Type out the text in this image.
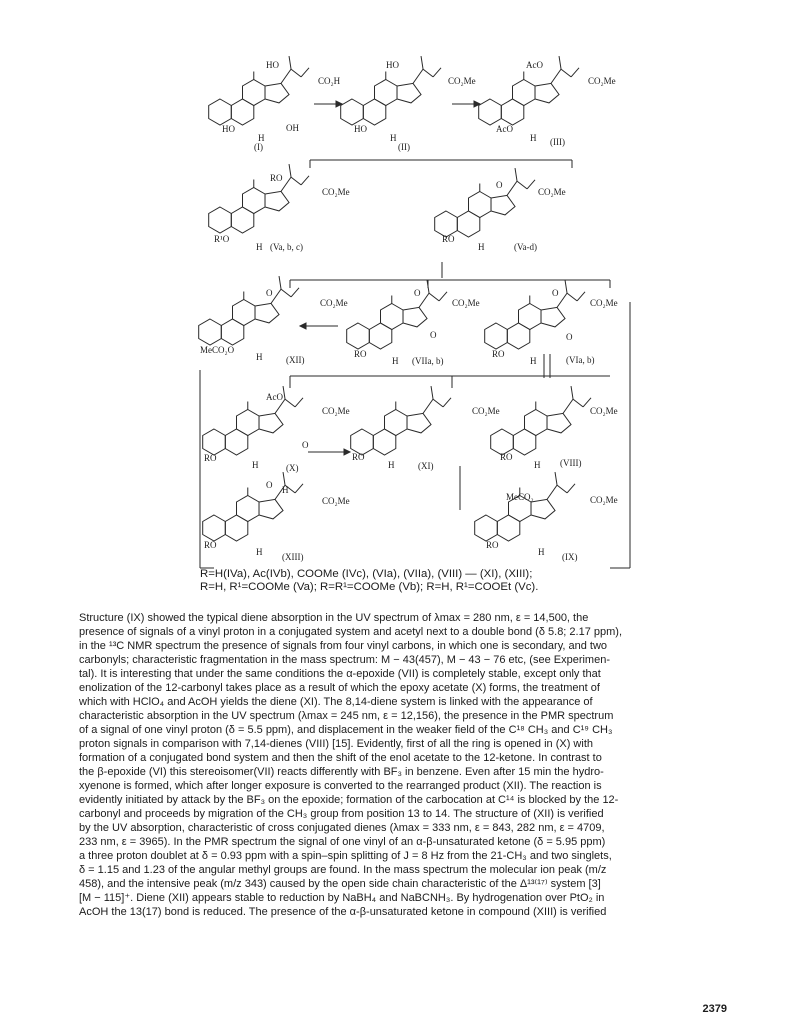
HO
CO₂H
HO	OH
H
(I)
HO
CO₂Me
HO
H
(II)
AcO
CO₂Me
AcO
H (III)
RO
CO₂Me
R¹O
H (Va, b, c)
O
CO₂Me
RO
H	(Va-d)
O
CO₂Me
MeCO₂O
H	(XII)
O
CO₂Me
RO
H
O
(VIIa, b)
O
CO₂Me
RO
H
O
(VIa, b)
AcO
CO₂Me
RO
H
O
(X)
CO₂Me
RO
H	(XI)
CO₂Me
RO
H (VIII)
O H
CO₂Me
RO
H (XIII)
MeCO₂	CO₂Me
RO
H (IX)
R=H(IVa), Ac(IVb), COOMe (IVc), (VIa), (VIIa), (VIII) — (XI), (XIII);
R=H, R¹=COOMe (Va); R=R¹=COOMe (Vb); R=H, R¹=COOEt (Vc).
Structure (IX) showed the typical diene absorption in the UV spectrum of λmax = 280 nm, ε = 14,500, the
presence of signals of a vinyl proton in a conjugated system and acetyl next to a double bond (δ 5.8; 2.17 ppm),
in the ¹³C NMR spectrum the presence of signals from four vinyl carbons, in which one is secondary, and two
carbonyls; characteristic fragmentation in the mass spectrum: M − 43(457), M − 43 − 76 etc, (see Experimen-
tal). It is interesting that under the same conditions the α-epoxide (VII) is completely stable, except only that
enolization of the 12-carbonyl takes place as a result of which the epoxy acetate (X) forms, the treatment of
which with HClO₄ and AcOH yields the diene (XI). The 8,14-diene system is linked with the appearance of
characteristic absorption in the UV spectrum (λmax = 245 nm, ε = 12,156), the presence in the PMR spectrum
of a signal of one vinyl proton (δ = 5.5 ppm), and displacement in the weaker field of the C¹⁸ CH₃ and C¹⁹ CH₃
proton signals in comparison with 7,14-dienes (VIII) [15]. Evidently, first of all the ring is opened in (X) with
formation of a conjugated bond system and then the shift of the enol acetate to the 12-ketone. In contrast to
the β-epoxide (VI) this stereoisomer(VII) reacts differently with BF₃ in benzene. Even after 15 min the hydro-
xyenone is formed, which after longer exposure is converted to the rearranged product (XII). The reaction is
evidently initiated by attack by the BF₃ on the epoxide; formation of the carbocation at C¹⁴ is blocked by the 12-
carbonyl and proceeds by migration of the CH₃ group from position 13 to 14. The structure of (XII) is verified
by the UV absorption, characteristic of cross conjugated dienes (λmax = 333 nm, ε = 843, 282 nm, ε = 4709,
233 nm, ε = 3965). In the PMR spectrum the signal of one vinyl of an α-β-unsaturated ketone (δ = 5.95 ppm)
a three proton doublet at δ = 0.93 ppm with a spin–spin splitting of J = 8 Hz from the 21-CH₃ and two singlets,
δ = 1.15 and 1.23 of the angular methyl groups are found. In the mass spectrum the molecular ion peak (m/z
458), and the intensive peak (m/z 343) caused by the open side chain characteristic of the Δ¹³⁽¹⁷⁾ system [3]
[M − 115]⁺. Diene (XII) appears stable to reduction by NaBH₄ and NaBCNH₃. By hydrogenation over PtO₂ in
AcOH the 13(17) bond is reduced. The presence of the α-β-unsaturated ketone in compound (XIII) is verified
2379
